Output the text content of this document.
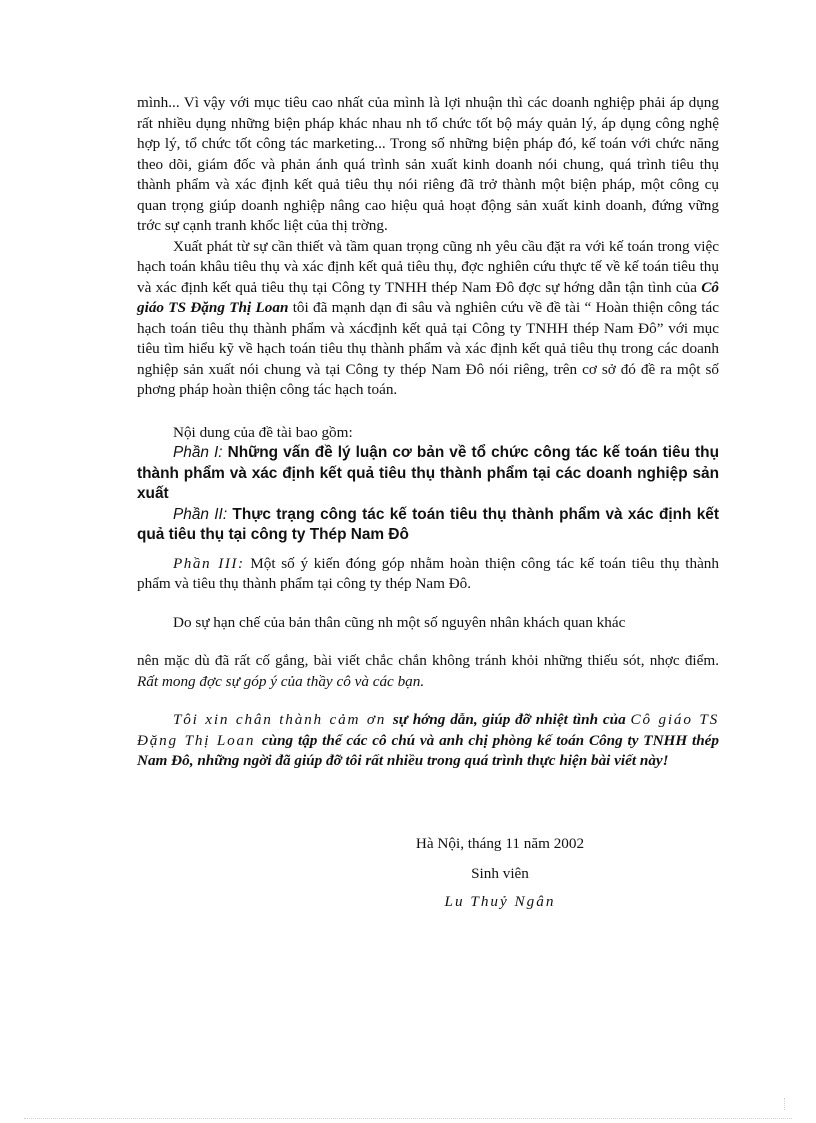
mình... Vì vậy với mục tiêu cao nhất của mình là lợi nhuận thì các doanh nghiệp phải áp dụng rất nhiều dụng những biện pháp khác nhau nh tổ chức tốt bộ máy quản lý, áp dụng công nghệ hợp lý, tổ chức tốt công tác marketing... Trong số những biện pháp đó, kế toán với chức năng theo dõi, giám đốc và phản ánh quá trình sản xuất kinh doanh nói chung, quá trình tiêu thụ thành phẩm và xác định kết quả tiêu thụ nói riêng đã trở thành một biện pháp, một công cụ quan trọng giúp doanh nghiệp nâng cao hiệu quả hoạt động sản xuất kinh doanh, đứng vững trớc sự cạnh tranh khốc liệt của thị trờng.

Xuất phát từ sự cần thiết và tầm quan trọng cũng nh yêu cầu đặt ra với kế toán trong việc hạch toán khâu tiêu thụ và xác định kết quả tiêu thụ, đợc nghiên cứu thực tế về kế toán tiêu thụ và xác định kết quả tiêu thụ tại Công ty TNHH thép Nam Đô đợc sự hớng dẫn tận tình của Cô giáo TS Đặng Thị Loan tôi đã mạnh dạn đi sâu và nghiên cứu về đề tài “ Hoàn thiện công tác hạch toán tiêu thụ thành phẩm và xácđịnh kết quả tại Công ty TNHH thép Nam Đô” với mục tiêu tìm hiểu kỹ về hạch toán tiêu thụ thành phẩm và xác định kết quả tiêu thụ trong các doanh nghiệp sản xuất nói chung và tại Công ty thép Nam Đô nói riêng, trên cơ sở đó đề ra một số phơng pháp hoàn thiện công tác hạch toán.

Nội dung của đề tài bao gồm:

Phần I: Những vấn đề lý luận cơ bản về tổ chức công tác kế toán tiêu thụ thành phẩm và xác định kết quả tiêu thụ thành phẩm tại các doanh nghiệp sản xuất

Phần II: Thực trạng công tác kế toán tiêu thụ thành phẩm và xác định kết quả tiêu thụ tại công ty Thép Nam Đô

Phần III: Một số ý kiến đóng góp nhằm hoàn thiện công tác kế toán tiêu thụ thành phẩm và tiêu thụ thành phẩm tại công ty thép Nam Đô.

Do sự hạn chế của bản thân cũng nh một số nguyên nhân khách quan khác

nên mặc dù đã rất cố gắng, bài viết chắc chắn không tránh khỏi những thiếu sót, nhợc điểm. Rất mong đợc sự góp ý của thầy cô và các bạn.

Tôi xin chân thành cảm ơn sự hớng dẫn, giúp đỡ nhiệt tình của Cô giáo TS Đặng Thị Loan cùng tập thể các cô chú và anh chị phòng kế toán Công ty TNHH thép Nam Đô, những ngời đã giúp đỡ tôi rất nhiều trong quá trình thực hiện bài viết này!

Hà Nội, tháng 11 năm 2002

Sinh viên

Lu Thuỷ Ngân
